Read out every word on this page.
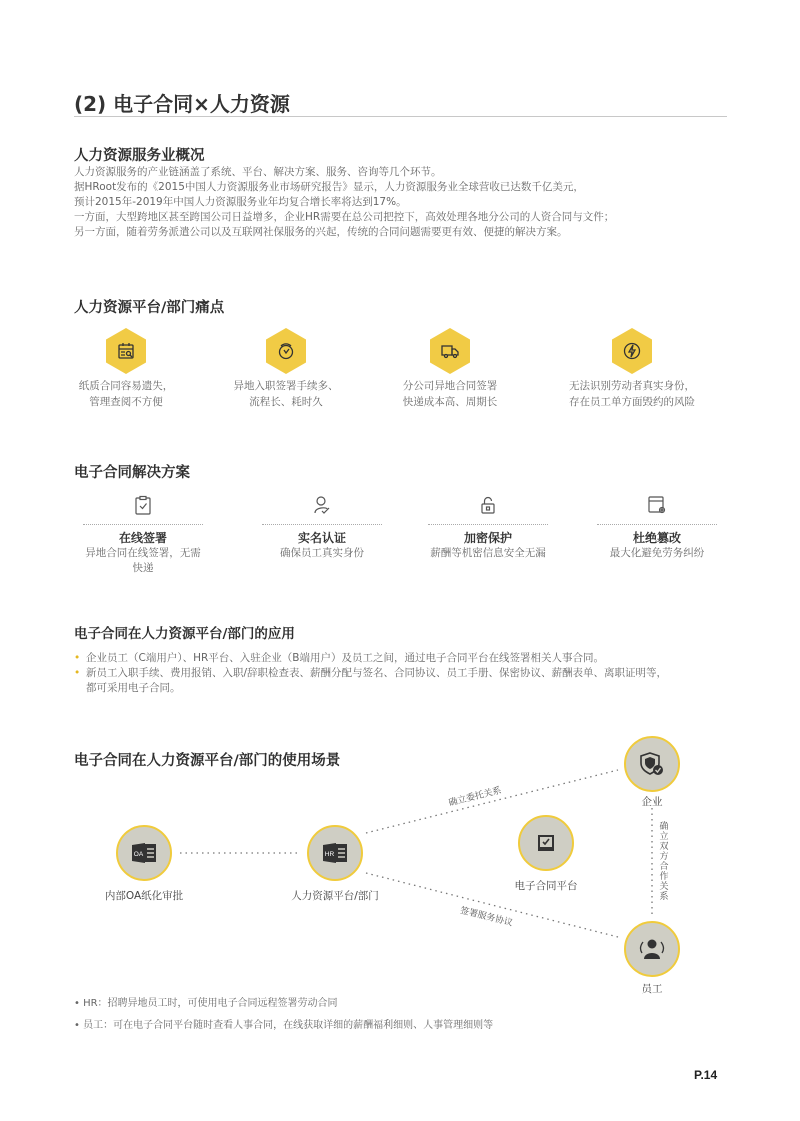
(2) 电子合同×人力资源
人力资源服务业概况
人力资源服务的产业链涵盖了系统、平台、解决方案、服务、咨询等几个环节。
据HRoot发布的《2015中国人力资源服务业市场研究报告》显示，人力资源服务业全球营收已达数千亿美元，
预计2015年-2019年中国人力资源服务业年均复合增长率将达到17%。
一方面，大型跨地区甚至跨国公司日益增多，企业HR需要在总公司把控下，高效处理各地分公司的人资合同与文件；
另一方面，随着劳务派遣公司以及互联网社保服务的兴起，传统的合同问题需要更有效、便捷的解决方案。
人力资源平台/部门痛点
纸质合同容易遗失，
管理查阅不方便
异地入职签署手续多、
流程长、耗时久
分公司异地合同签署
快递成本高、周期长
无法识别劳动者真实身份，
存在员工单方面毁约的风险
电子合同解决方案
在线签署
异地合同在线签署，无需快递
实名认证
确保员工真实身份
加密保护
薪酬等机密信息安全无漏
杜绝篡改
最大化避免劳务纠纷
电子合同在人力资源平台/部门的应用
• 企业员工（C端用户）、HR平台、入驻企业（B端用户）及员工之间，通过电子合同平台在线签署相关人事合同。
• 新员工入职手续、费用报销、入职/辞职检查表、薪酬分配与签名、合同协议、员工手册、保密协议、薪酬表单、离职证明等，
都可采用电子合同。
电子合同在人力资源平台/部门的使用场景
确立委托关系
签署服务协议
确
立
双
方
合
作
关
系
OA
内部OA纸化审批
HR
人力资源平台/部门
电子合同平台
企业
员工
• HR：招聘异地员工时，可使用电子合同远程签署劳动合同
• 员工：可在电子合同平台随时查看人事合同，在线获取详细的薪酬福利细则、人事管理细则等
P.14
